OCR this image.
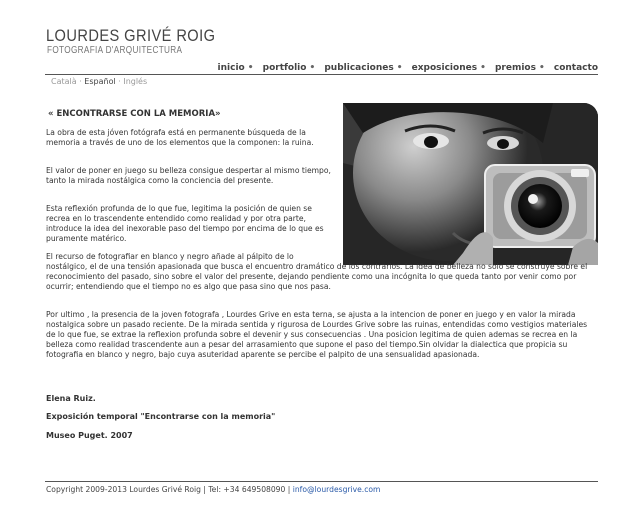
LOURDES GRIVÉ ROIG
FOTOGRAFIA D'ARQUITECTURA
inicio • portfolio • publicaciones • exposiciones • premios • contacto
Català · Español · Inglés
« ENCONTRARSE CON LA MEMORIA»

La obra de esta jóven fotógrafa está en permanente búsqueda de la memoria a través de uno de los elementos que la componen: la ruina.

El valor de poner en juego su belleza consigue despertar al mismo tiempo, tanto la mirada nostálgica como la conciencia del presente.

Esta reflexión profunda de lo que fue, legitima la posición de quien se recrea en lo trascendente entendido como realidad y por otra parte, introduce la idea del inexorable paso del tiempo por encima de lo que es puramente matérico.

El recurso de fotografiar en blanco y negro añade al pálpito de lo nostálgico, el de una tensión apasionada que busca el encuentro dramático de los contrarios. La idea de belleza no sólo se construye sobre el reconocimiento del pasado, sino sobre el valor del presente, dejando pendiente como una incógnita lo que queda tanto por venir como por ocurrir; entendiendo que el tiempo no es algo que pasa sino que nos pasa.

Por ultimo , la presencia de la joven fotografa , Lourdes Grive en esta terna, se ajusta a la intencion de poner en juego y en valor la mirada nostalgica sobre un pasado reciente. De la mirada sentida y rigurosa de Lourdes Grive sobre las ruinas, entendidas como vestigios materiales de lo que fue, se extrae la reflexion profunda sobre el devenir y sus consecuencias . Una posicion legitima de quien ademas se recrea en la belleza como realidad trascendente aun a pesar del arrasamiento que supone el paso del tiempo.Sin olvidar la dialectica que propicia su fotografia en blanco y negro, bajo cuya asuteridad aparente se percibe el palpito de una sensualidad apasionada.

Elena Ruiz.
Exposición temporal "Encontrarse con la memoria"
Museo Puget. 2007
Copyright 2009-2013 Lourdes Grivé Roig | Tel: +34 649508090 | info@lourdesgrive.com
